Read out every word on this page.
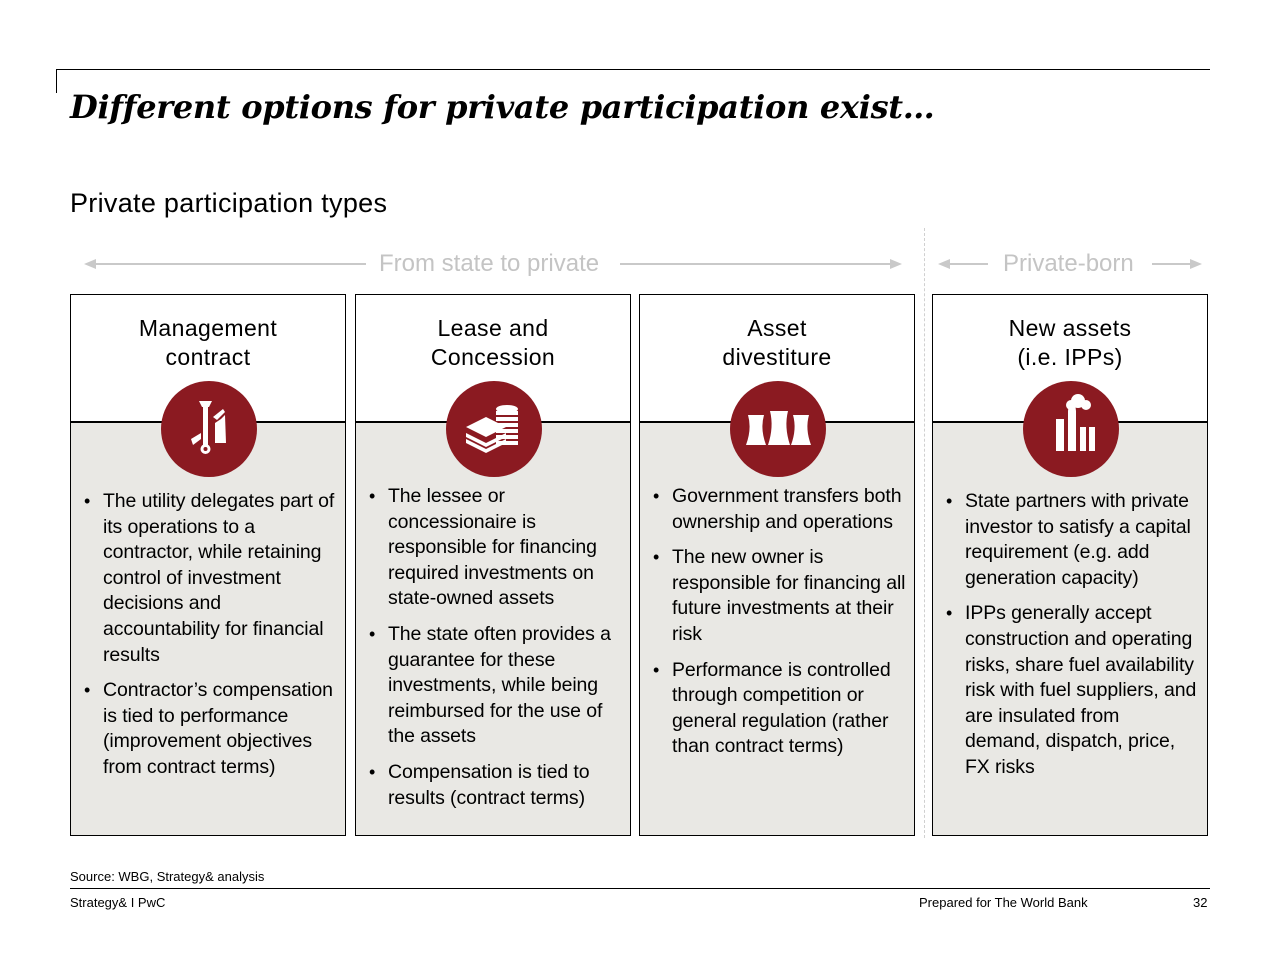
Different options for private participation exist…
Private participation types
From state to private	Private-born
Management
contract
• The utility delegates part of its operations to a contractor, while retaining control of investment decisions and accountability for financial results
• Contractor’s compensation is tied to performance (improvement objectives from contract terms)
Lease and
Concession
• The lessee or concessionaire is responsible for financing required investments on state-owned assets
• The state often provides a guarantee for these investments, while being reimbursed for the use of the assets
• Compensation is tied to results (contract terms)
Asset
divestiture
• Government transfers both ownership and operations
• The new owner is responsible for financing all future investments at their risk
• Performance is controlled through competition or general regulation (rather than contract terms)
New assets
(i.e. IPPs)
• State partners with private investor to satisfy a capital requirement (e.g. add generation capacity)
• IPPs generally accept construction and operating risks, share fuel availability risk with fuel suppliers, and are insulated from demand, dispatch, price, FX risks
Source: WBG, Strategy& analysis
Strategy& I PwC	Prepared for The World Bank	32
